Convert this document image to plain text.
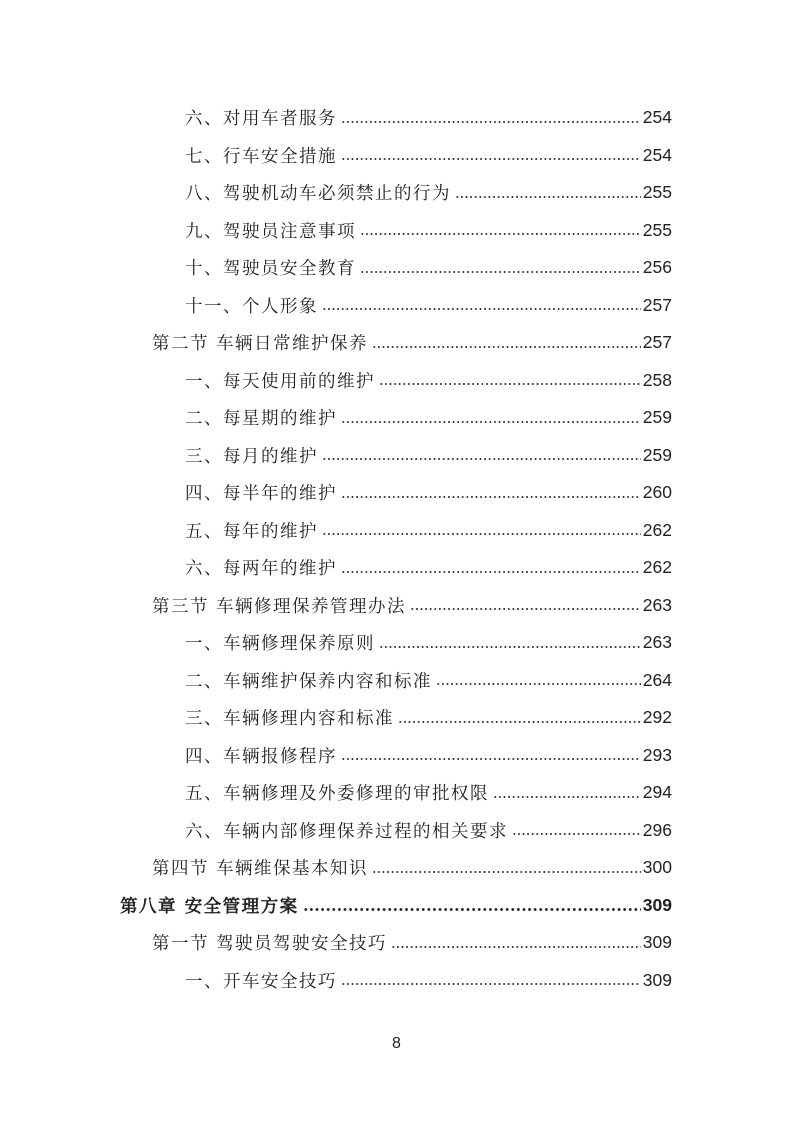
六、对用车者服务	254
七、行车安全措施	254
八、驾驶机动车必须禁止的行为	255
九、驾驶员注意事项	255
十、驾驶员安全教育	256
十一、个人形象	257
第二节 车辆日常维护保养	257
一、每天使用前的维护	258
二、每星期的维护	259
三、每月的维护	259
四、每半年的维护	260
五、每年的维护	262
六、每两年的维护	262
第三节 车辆修理保养管理办法	263
一、车辆修理保养原则	263
二、车辆维护保养内容和标准	264
三、车辆修理内容和标准	292
四、车辆报修程序	293
五、车辆修理及外委修理的审批权限	294
六、车辆内部修理保养过程的相关要求	296
第四节 车辆维保基本知识	300
第八章 安全管理方案	309
第一节 驾驶员驾驶安全技巧	309
一、开车安全技巧	309
8
